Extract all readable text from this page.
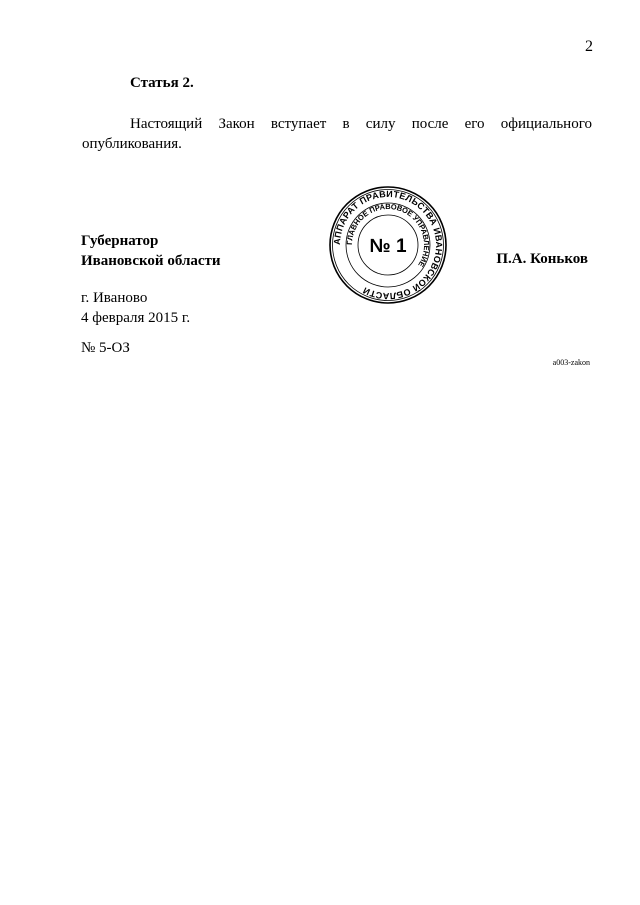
2
Статья 2.

Настоящий Закон вступает в силу после его официального опубликования.

Губернатор
Ивановской области	П.А. Коньков
г. Иваново
4 февраля 2015 г.
№ 5-ОЗ
a003-zakon
АППАРАТ ПРАВИТЕЛЬСТВА ИВАНОВСКОЙ ОБЛАСТИ
ГЛАВНОЕ ПРАВОВОЕ УПРАВЛЕНИЕ
№ 1
